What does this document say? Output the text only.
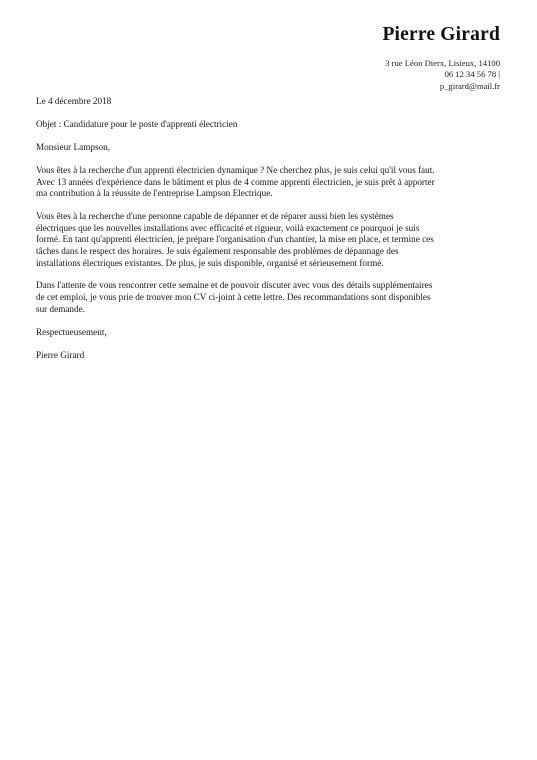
Pierre Girard
3 rue Léon Dierx, Lisieux, 14100
06 12 34 56 78 |
p_girard@mail.fr

Le 4 décembre 2018

Objet : Candidature pour le poste d'apprenti électricien

Monsieur Lampson,

Vous êtes à la recherche d'un apprenti électricien dynamique ? Ne cherchez plus, je suis celui qu'il vous faut.
Avec 13 années d'expérience dans le bâtiment et plus de 4 comme apprenti électricien, je suis prêt à apporter
ma contribution à la réussite de l'entreprise Lampson Electrique.

Vous êtes à la recherche d'une personne capable de dépanner et de réparer aussi bien les systèmes
électriques que les nouvelles installations avec efficacité et rigueur, voilà exactement ce pourquoi je suis
formé. En tant qu'apprenti électricien, je prépare l'organisation d'un chantier, la mise en place, et termine ces
tâches dans le respect des horaires. Je suis également responsable des problèmes de dépannage des
installations électriques existantes. De plus, je suis disponible, organisé et sérieusement formé.

Dans l'attente de vous rencontrer cette semaine et de pouvoir discuter avec vous des détails supplémentaires
de cet emploi, je vous prie de trouver mon CV ci-joint à cette lettre. Des recommandations sont disponibles
sur demande.

Respectueusement,

Pierre Girard
